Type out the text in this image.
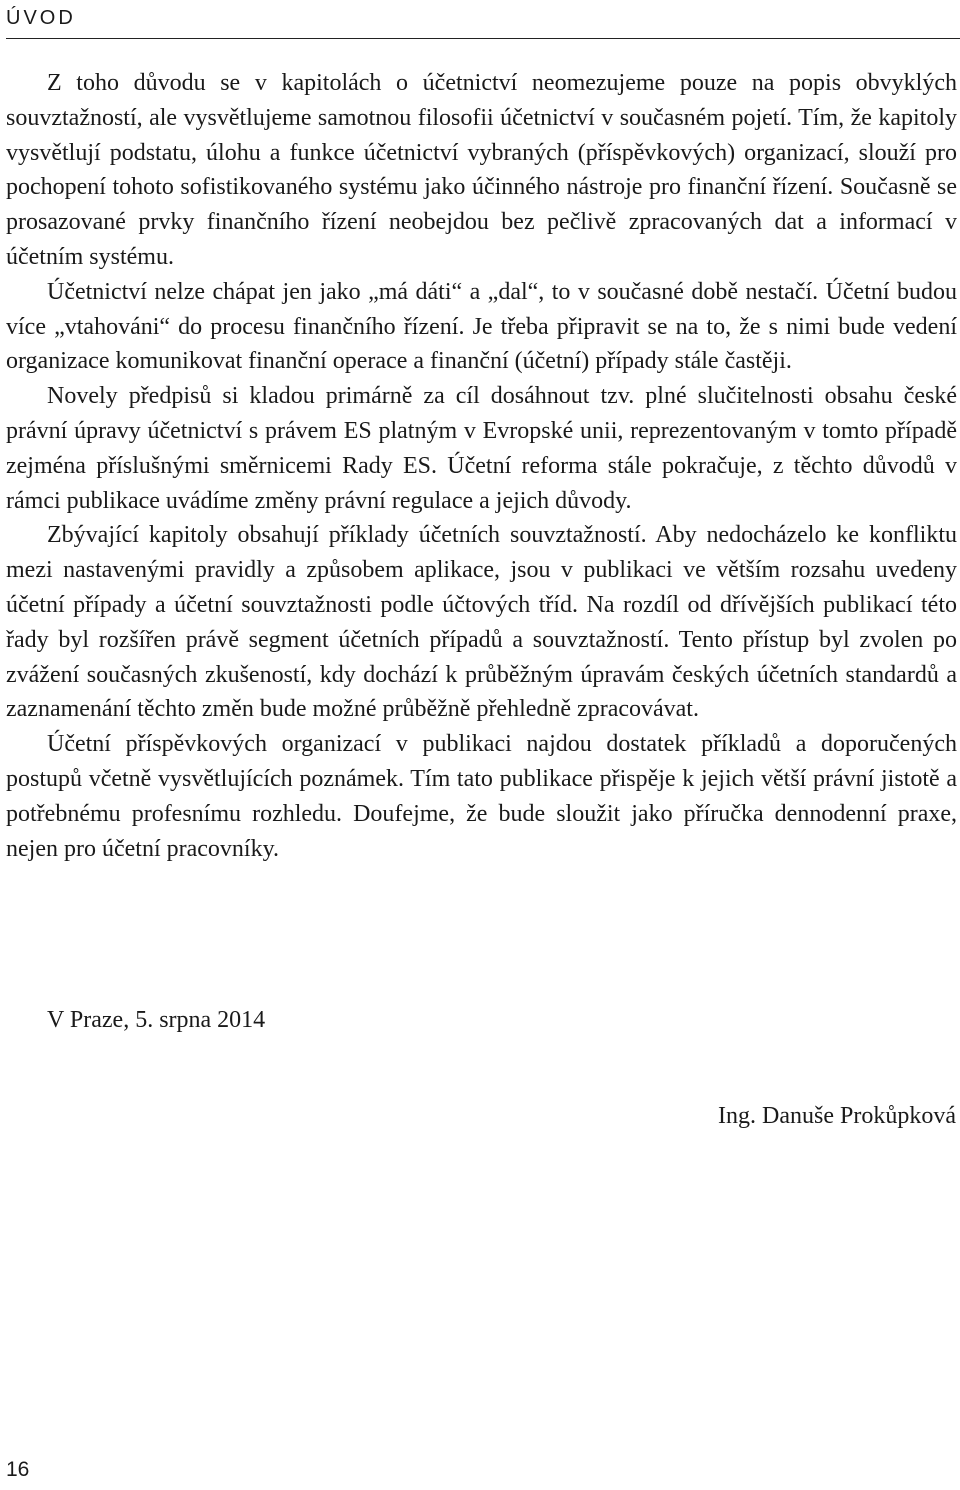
ÚVOD

Z toho důvodu se v kapitolách o účetnictví neomezujeme pouze na popis obvyklých souvztažností, ale vysvětlujeme samotnou filosofii účetnictví v současném pojetí. Tím, že kapitoly vysvětlují podstatu, úlohu a funkce účetnictví vybraných (příspěvkových) organizací, slouží pro pochopení tohoto sofistikovaného systému jako účinného nástroje pro finanční řízení. Současně se prosazované prvky finančního řízení neobejdou bez pečlivě zpracovaných dat a informací v účetním systému.

Účetnictví nelze chápat jen jako „má dáti“ a „dal“, to v současné době nestačí. Účetní budou více „vtahováni“ do procesu finančního řízení. Je třeba připravit se na to, že s nimi bude vedení organizace komunikovat finanční operace a finanční (účetní) případy stále častěji.

Novely předpisů si kladou primárně za cíl dosáhnout tzv. plné slučitelnosti obsahu české právní úpravy účetnictví s právem ES platným v Evropské unii, reprezentovaným v tomto případě zejména příslušnými směrnicemi Rady ES. Účetní reforma stále pokračuje, z těchto důvodů v rámci publikace uvádíme změny právní regulace a jejich důvody.

Zbývající kapitoly obsahují příklady účetních souvztažností. Aby nedocházelo ke konfliktu mezi nastavenými pravidly a způsobem aplikace, jsou v publikaci ve větším rozsahu uvedeny účetní případy a účetní souvztažnosti podle účtových tříd. Na rozdíl od dřívějších publikací této řady byl rozšířen právě segment účetních případů a souvztažností. Tento přístup byl zvolen po zvážení současných zkušeností, kdy dochází k průběžným úpravám českých účetních standardů a zaznamenání těchto změn bude možné průběžně přehledně zpracovávat.

Účetní příspěvkových organizací v publikaci najdou dostatek příkladů a doporučených postupů včetně vysvětlujících poznámek. Tím tato publikace přispěje k jejich větší právní jistotě a potřebnému profesnímu rozhledu. Doufejme, že bude sloužit jako příručka dennodenní praxe, nejen pro účetní pracovníky.

V Praze, 5. srpna 2014
Ing. Danuše Prokůpková
16
